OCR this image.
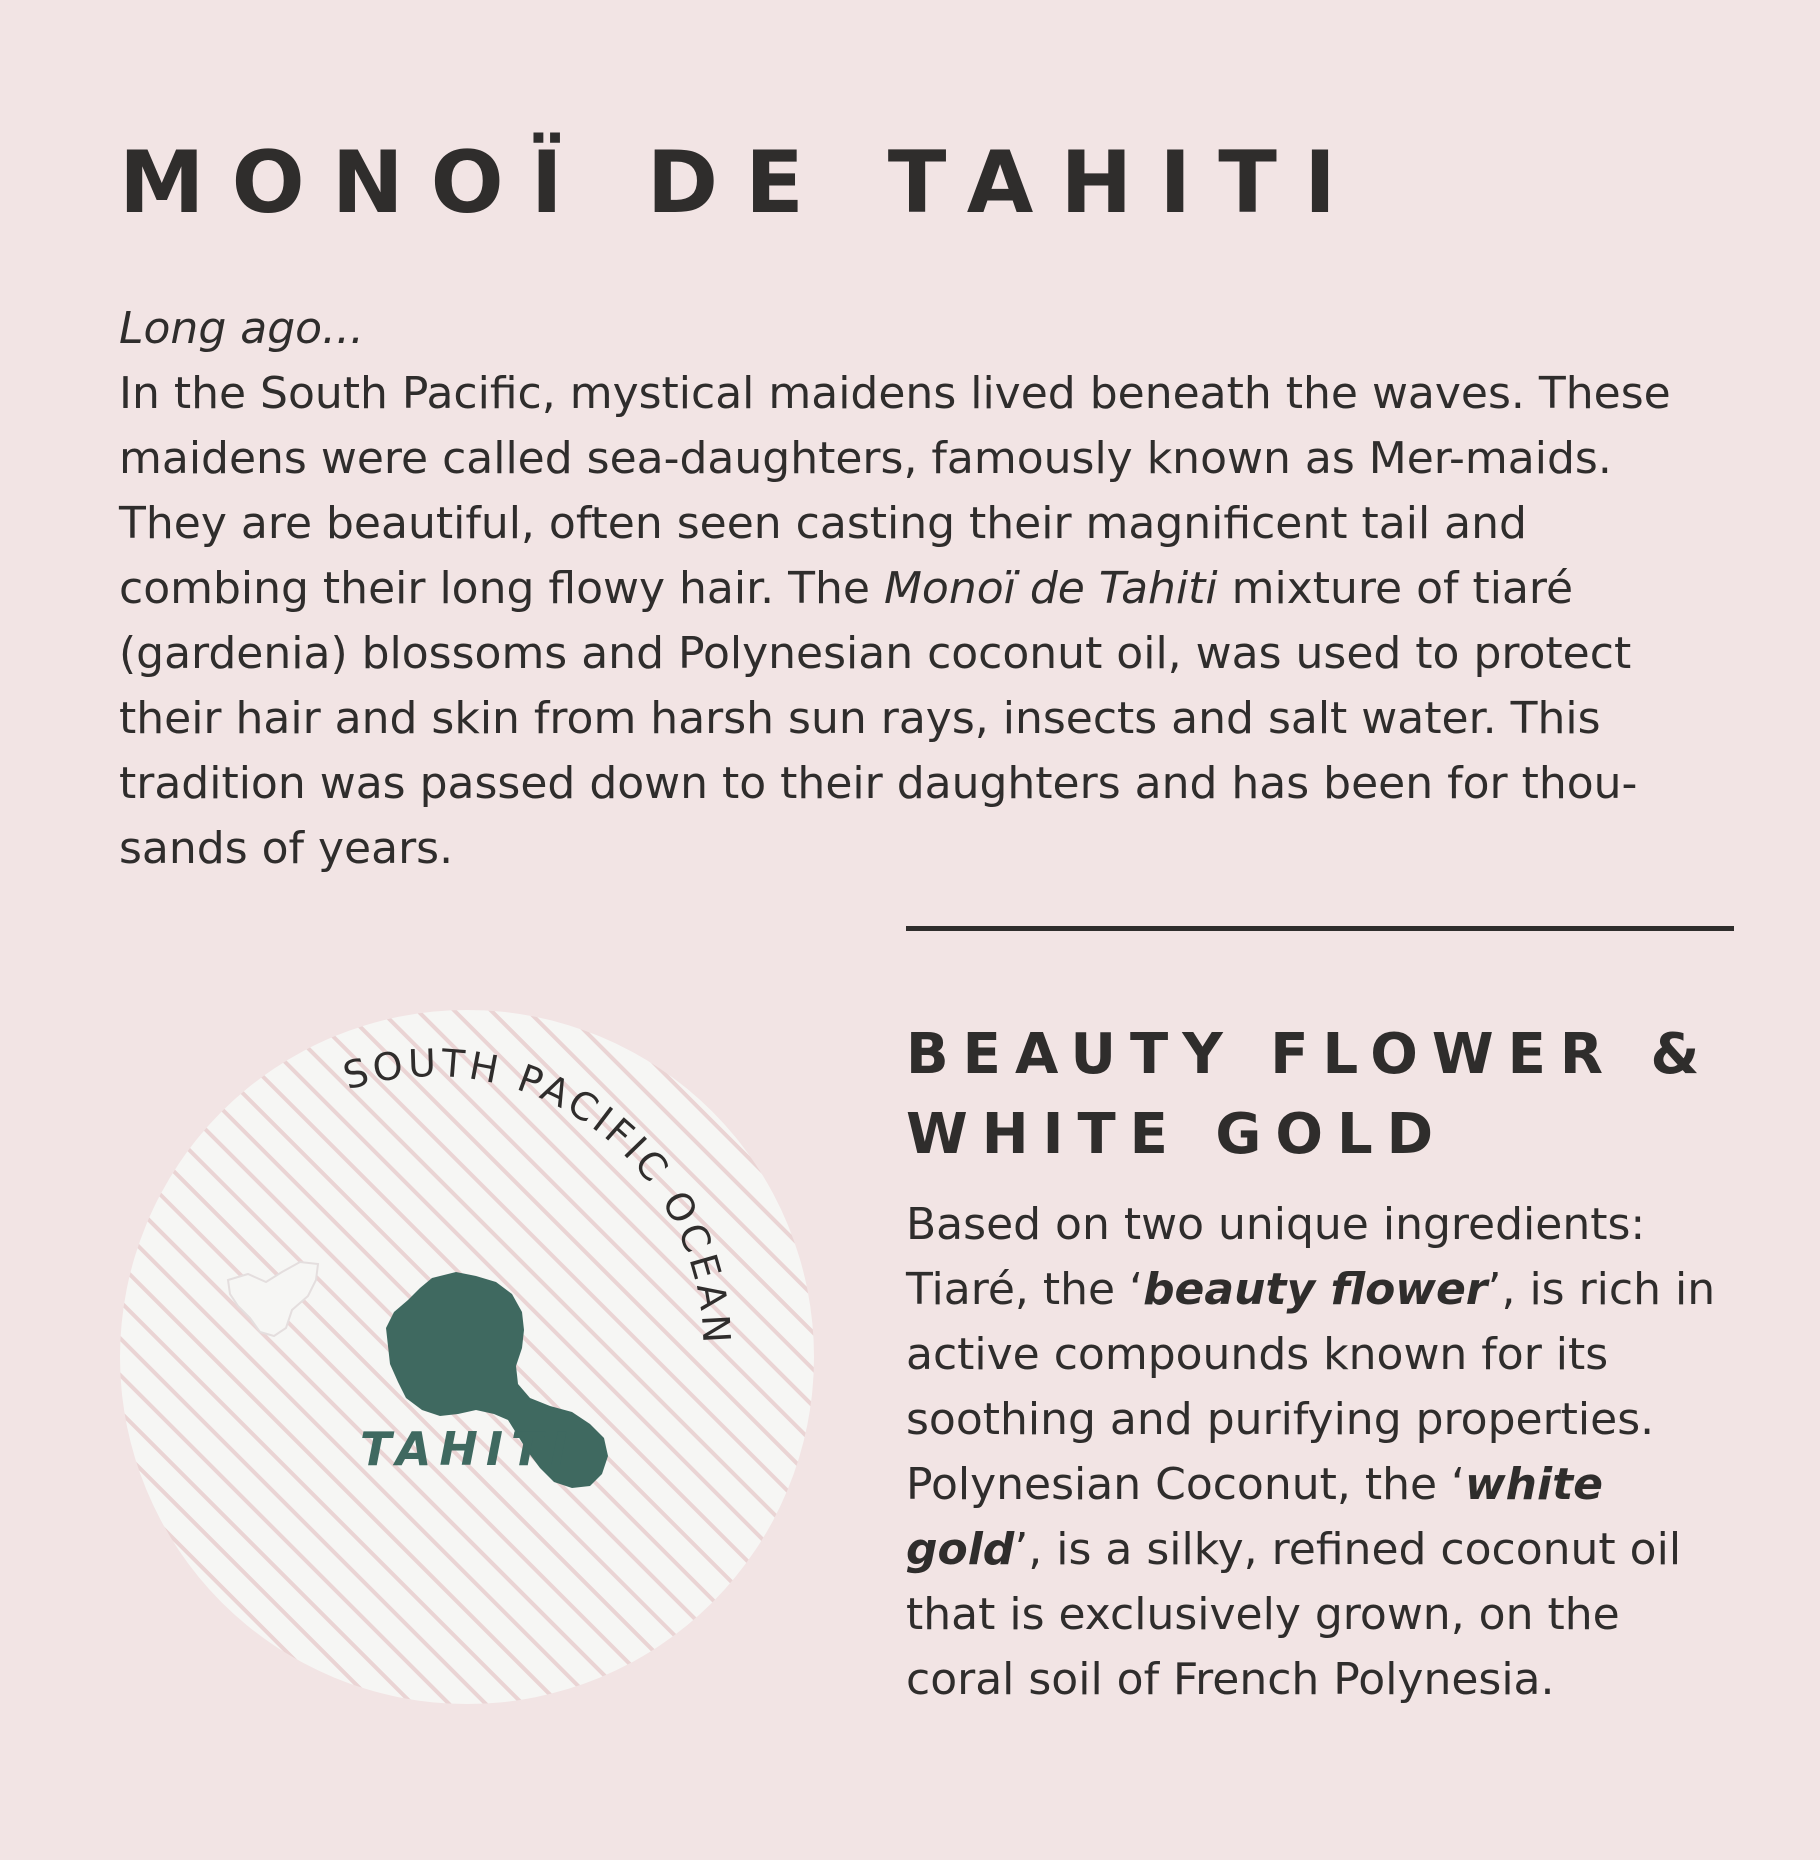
MONOÏ DE TAHITI

Long ago...

In the South Pacific, mystical maidens lived beneath the waves. These
maidens were called sea-daughters, famously known as Mer-maids.
They are beautiful, often seen casting their magnificent tail and
combing their long flowy hair. The Monoï de Tahiti mixture of tiaré
(gardenia) blossoms and Polynesian coconut oil, was used to protect
their hair and skin from harsh sun rays, insects and salt water. This
tradition was passed down to their daughters and has been for thou-
sands of years.
SOUTH PACIFIC OCEAN
TAHITI
BEAUTY FLOWER &
WHITE GOLD
Based on two unique ingredients:
Tiaré, the ‘beauty flower’, is rich in
active compounds known for its
soothing and purifying properties.
Polynesian Coconut, the ‘white
gold’, is a silky, refined coconut oil
that is exclusively grown, on the
coral soil of French Polynesia.
